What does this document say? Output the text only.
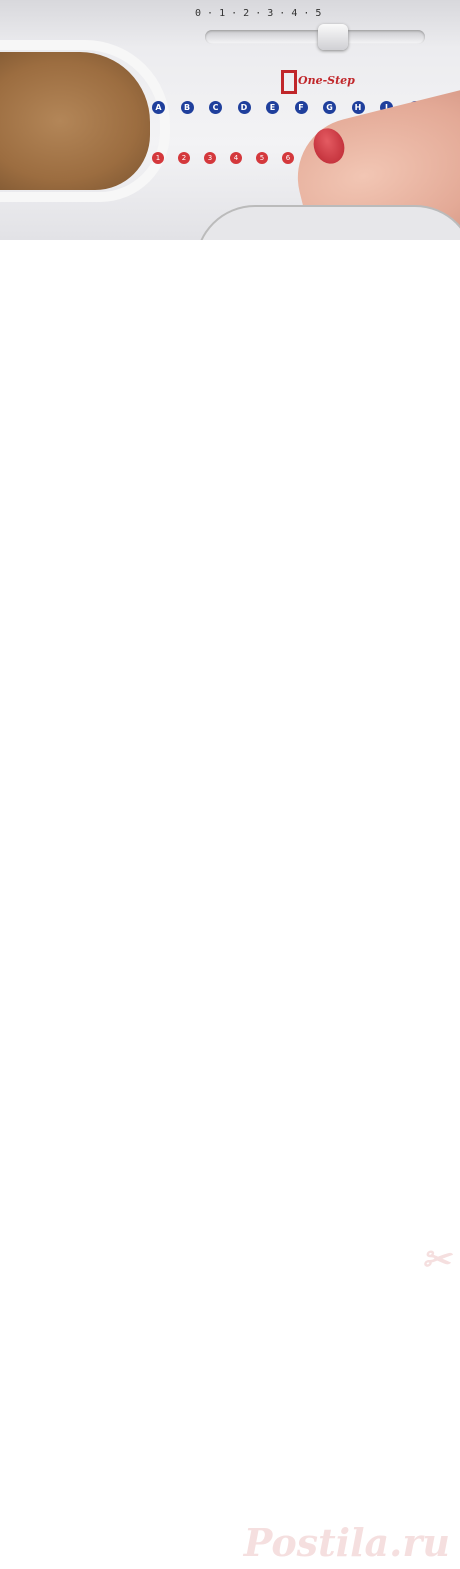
0 · 1 · 2 · 3 · 4 · 5
One-Step
A	B	C	D	E	F	G	H
1	2	3	4	5	6
✂
Postila.ru
